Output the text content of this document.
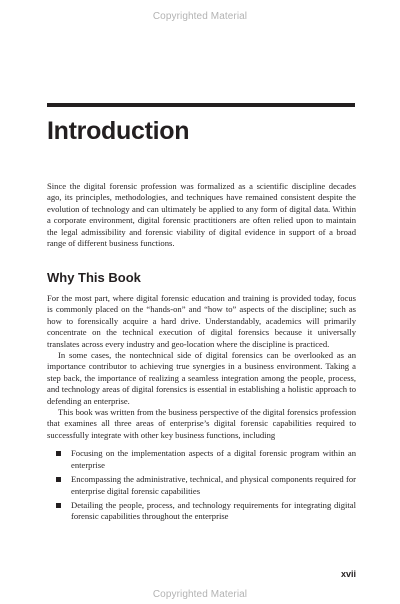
Copyrighted Material
Introduction

Since the digital forensic profession was formalized as a scientific discipline decades ago, its principles, methodologies, and techniques have remained consistent despite the evolution of technology and can ultimately be applied to any form of digital data. Within a corporate environment, digital forensic practitioners are often relied upon to maintain the legal admissibility and forensic viability of digital evidence in support of a broad range of different business functions.

Why This Book

For the most part, where digital forensic education and training is provided today, focus is commonly placed on the “hands-on” and “how to” aspects of the discipline; such as how to forensically acquire a hard drive. Understandably, academics will primarily concentrate on the technical execution of digital forensics because it universally translates across every industry and geo-location where the discipline is practiced.

In some cases, the nontechnical side of digital forensics can be overlooked as an importance contributor to achieving true synergies in a business environment. Taking a step back, the importance of realizing a seamless integration among the people, process, and technology areas of digital forensics is essential in establishing a holistic approach to defending an enterprise.

This book was written from the business perspective of the digital forensics profession that examines all three areas of enterprise’s digital forensic capabilities required to successfully integrate with other key business functions, including

Focusing on the implementation aspects of a digital forensic program within an enterprise
Encompassing the administrative, technical, and physical components required for enterprise digital forensic capabilities
Detailing the people, process, and technology requirements for integrating digital forensic capabilities throughout the enterprise
xvii
Copyrighted Material
